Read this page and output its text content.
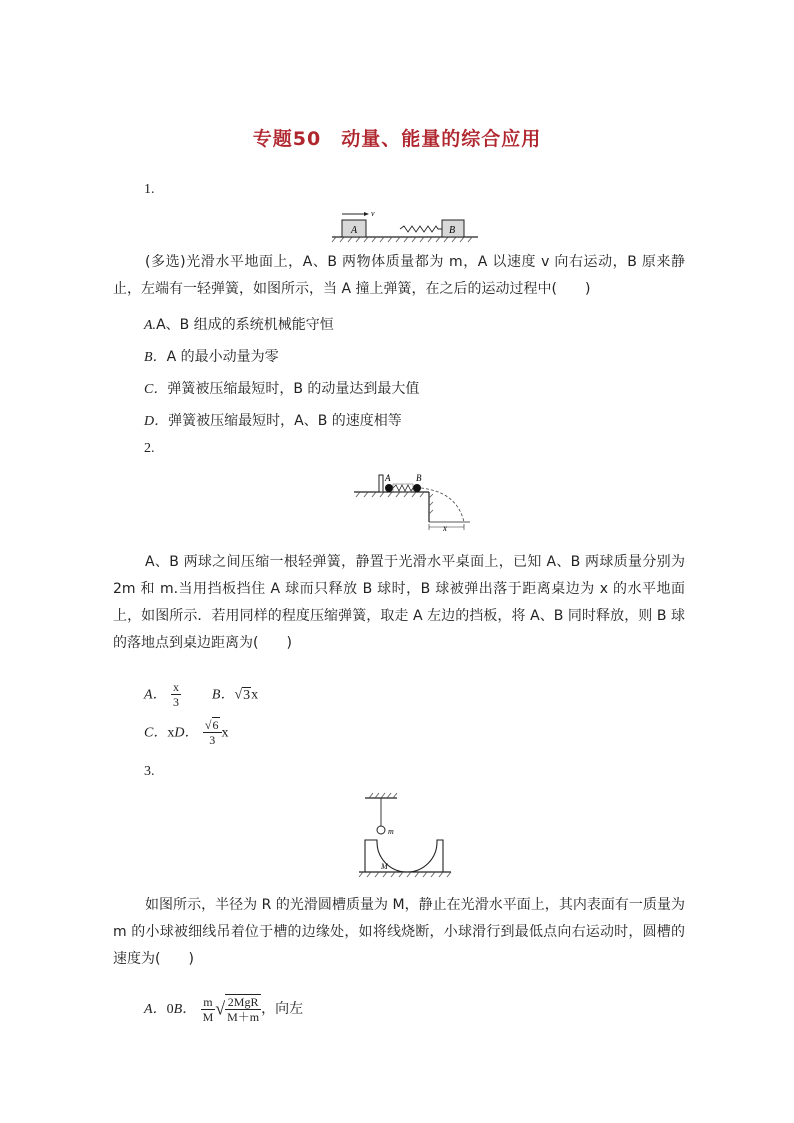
专题50　动量、能量的综合应用
1.
A
v
B
(多选)光滑水平地面上，A、B 两物体质量都为 m，A 以速度 v 向右运动，B 原来静止，左端有一轻弹簧，如图所示，当 A 撞上弹簧，在之后的运动过程中(　　)
A.A、B 组成的系统机械能守恒
B．A 的最小动量为零
C．弹簧被压缩最短时，B 的动量达到最大值
D．弹簧被压缩最短时，A、B 的速度相等
2.
A	B
x
A、B 两球之间压缩一根轻弹簧，静置于光滑水平桌面上，已知 A、B 两球质量分别为 2m 和 m.当用挡板挡住 A 球而只释放 B 球时，B 球被弹出落于距离桌边为 x 的水平地面上，如图所示．若用同样的程度压缩弹簧，取走 A 左边的挡板，将 A、B 同时释放，则 B 球的落地点到桌边距离为(　　)
A． $\frac{x}{3}$ B．√3x
C．xD． $\frac{√6}{3}$ x
3.
m
M
如图所示，半径为 R 的光滑圆槽质量为 M，静止在光滑水平面上，其内表面有一质量为 m 的小球被细线吊着位于槽的边缘处，如将线烧断，小球滑行到最低点向右运动时，圆槽的速度为(　　)
A．0B． $\frac{m}{M}$ √ $\frac{\text{2MgR}}{M+m}$ ，向左
